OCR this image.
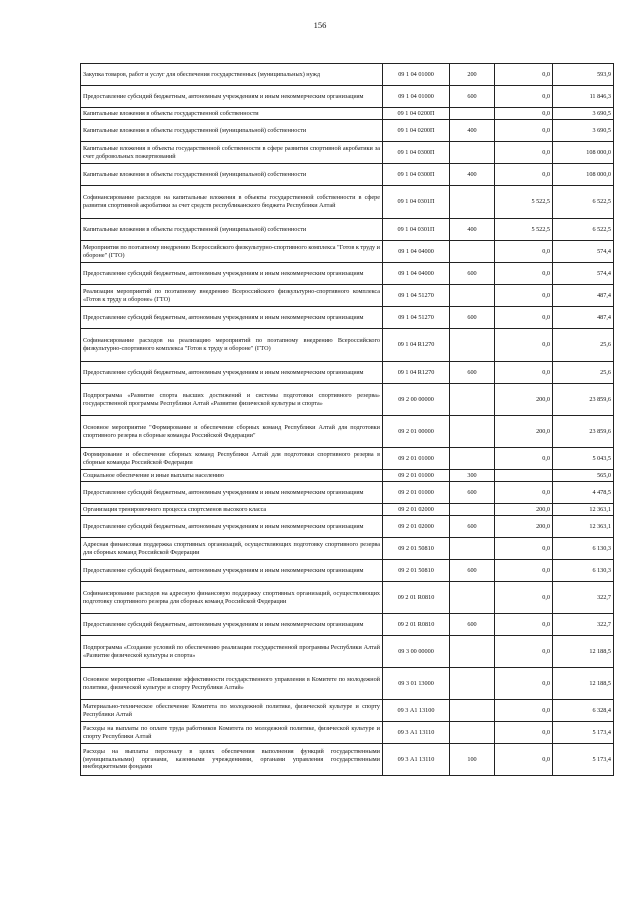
156
Закупка товаров, работ и услуг для обеспечения государственных (муниципальных) нужд	09 1 04 01000	200	0,0	593,9
Предоставление субсидий бюджетным, автономным учреждениям и иным некоммерческим организациям	09 1 04 01000	600	0,0	11 846,3
Капитальные вложения в объекты государственной собственности	09 1 04 0200П		0,0	3 690,5
Капитальные вложения в объекты государственной (муниципальной) собственности	09 1 04 0200П	400	0,0	3 690,5
Капитальные вложения в объекты государственной собственности в сфере развития спортивной акробатики за счет добровольных пожертвований	09 1 04 0300П		0,0	108 000,0
Капитальные вложения в объекты государственной (муниципальной) собственности	09 1 04 0300П	400	0,0	108 000,0
Софинансирование расходов на капитальные вложения в объекты государственной собственности в сфере развития спортивной акробатики за счет средств республиканского бюджета Республики Алтай	09 1 04 0301П		5 522,5	6 522,5
Капитальные вложения в объекты государственной (муниципальной) собственности	09 1 04 0301П	400	5 522,5	6 522,5
Мероприятия по поэтапному внедрению Всероссийского физкультурно-спортивного комплекса "Готов к труду и обороне" (ГТО)	09 1 04 04000		0,0	574,4
Предоставление субсидий бюджетным, автономным учреждениям и иным некоммерческим организациям	09 1 04 04000	600	0,0	574,4
Реализация мероприятий по поэтапному внедрению Всероссийского физкультурно-спортивного комплекса «Готов к труду и обороне» (ГТО)	09 1 04 51270		0,0	487,4
Предоставление субсидий бюджетным, автономным учреждениям и иным некоммерческим организациям	09 1 04 51270	600	0,0	487,4
Софинансирование расходов на реализацию мероприятий по поэтапному внедрению Всероссийского физкультурно-спортивного комплекса "Готов к труду и обороне" (ГТО)	09 1 04 R1270		0,0	25,6
Предоставление субсидий бюджетным, автономным учреждениям и иным некоммерческим организациям	09 1 04 R1270	600	0,0	25,6
Подпрограмма «Развитие спорта высших достижений и системы подготовки спортивного резерва» государственной программы Республики Алтай «Развитие физической культуры и спорта»	09 2 00 00000		200,0	23 859,6
Основное мероприятие "Формирование и обеспечение сборных команд Республики Алтай для подготовки спортивного резерва в сборные команды Российской Федерации"	09 2 01 00000		200,0	23 859,6
Формирование и обеспечение сборных команд Республики Алтай для подготовки спортивного резерва в сборные команды Российской Федерации	09 2 01 01000		0,0	5 043,5
Социальное обеспечение и иные выплаты населению	09 2 01 01000	300		565,0
Предоставление субсидий бюджетным, автономным учреждениям и иным некоммерческим организациям	09 2 01 01000	600	0,0	4 478,5
Организация тренировочного процесса спортсменов высокого класса	09 2 01 02000		200,0	12 363,1
Предоставление субсидий бюджетным, автономным учреждениям и иным некоммерческим организациям	09 2 01 02000	600	200,0	12 363,1
Адресная финансовая поддержка спортивных организаций, осуществляющих подготовку спортивного резерва для сборных команд Российской Федерации	09 2 01 50810		0,0	6 130,3
Предоставление субсидий бюджетным, автономным учреждениям и иным некоммерческим организациям	09 2 01 50810	600	0,0	6 130,3
Софинансирование расходов на адресную финансовую поддержку спортивных организаций, осуществляющих подготовку спортивного резерва для сборных команд Российской Федерации	09 2 01 R0810		0,0	322,7
Предоставление субсидий бюджетным, автономным учреждениям и иным некоммерческим организациям	09 2 01 R0810	600	0,0	322,7
Подпрограмма «Создание условий по обеспечению реализации государственной программы Республики Алтай «Развитие физической культуры и спорта»	09 3 00 00000		0,0	12 188,5
Основное мероприятие «Повышение эффективности государственного управления в Комитете по молодежной политике, физической культуре и спорту Республики Алтай»	09 3 01 13000		0,0	12 188,5
Материально-техническое обеспечение Комитета по молодежной политике, физической культуре и спорту Республики Алтай	09 3 А1 13100		0,0	6 328,4
Расходы на выплаты по оплате труда работников Комитета по молодежной политике, физической культуре и спорту Республики Алтай	09 3 А1 13110		0,0	5 173,4
Расходы на выплаты персоналу в целях обеспечения выполнения функций государственными (муниципальными) органами, казенными учреждениями, органами управления государственными внебюджетными фондами	09 3 А1 13110	100	0,0	5 173,4
